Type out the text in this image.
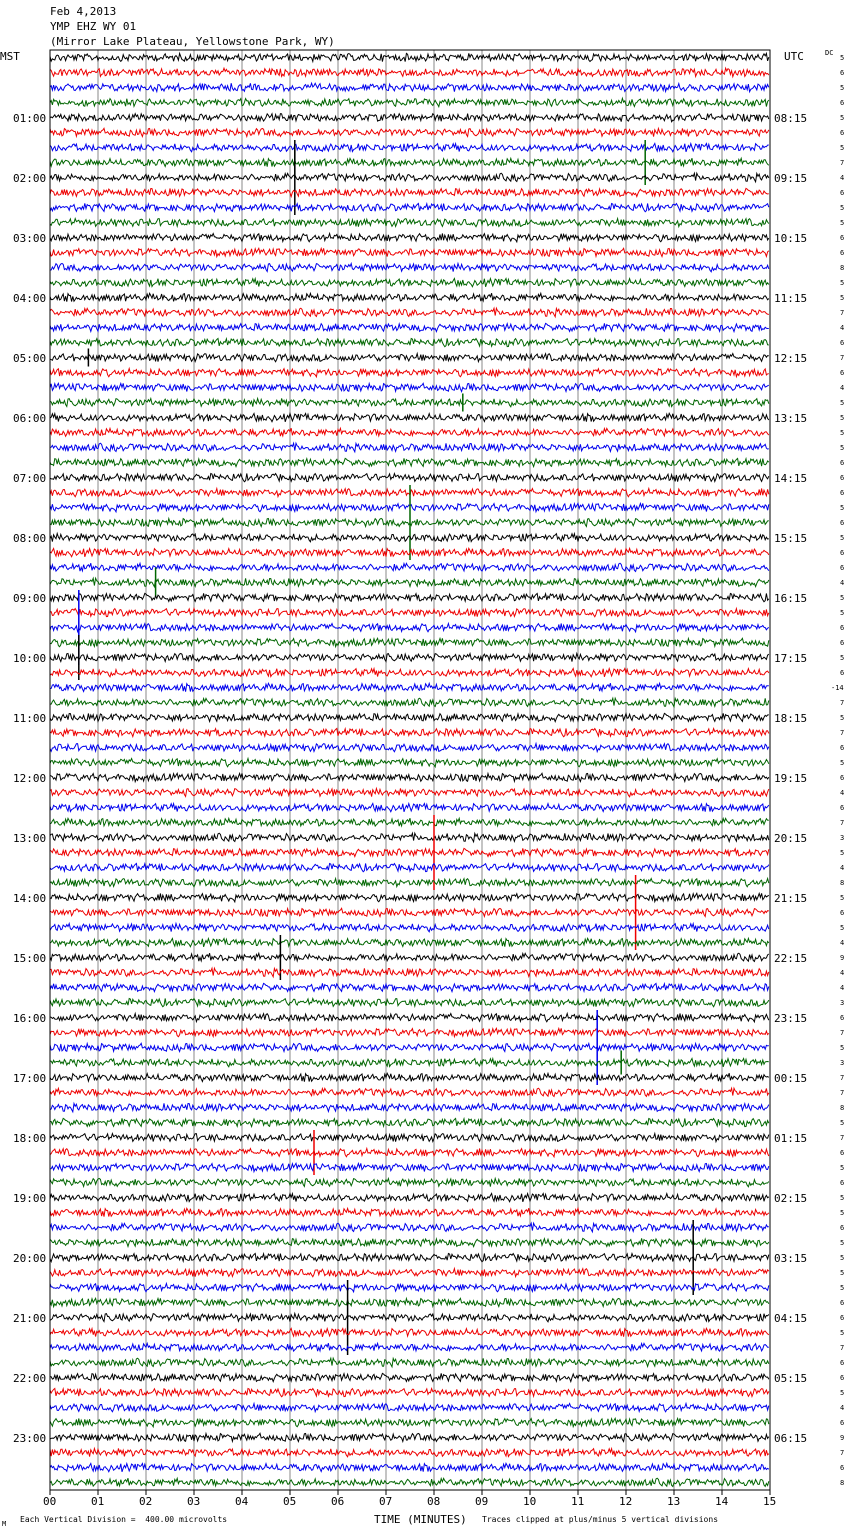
Feb 4,2013
YMP EHZ WY 01
(Mirror Lake Plateau, Yellowstone Park, WY)
MST	UTC	DC
01:00
02:00
03:00
04:00
05:00
06:00
07:00
08:00
09:00
10:00
11:00
12:00
13:00
14:00
15:00
16:00
17:00
18:00
19:00
20:00
21:00
22:00
23:00
08:15
09:15
10:15
11:15
12:15
13:15
14:15
15:15
16:15
17:15
18:15
19:15
20:15
21:15
22:15
23:15
00:15
01:15
02:15
03:15
04:15
05:15
06:15
5
6
5
6
5
6
5
7
4
6
5
5
6
6
8
5
5
7
4
6
7
6
4
5
5
5
5
6
6
6
5
6
5
6
6
4
5
5
6
6
5
6
-14
7
5
7
6
5
6
4
6
7
3
5
4
8
5
6
5
4
9
4
4
3
6
7
5
3
7
7
8
5
7
6
5
6
5
5
6
5
5
5
5
6
6
5
7
6
6
5
4
6
9
7
6
8
00	01	02	03	04	05	06	07	08	09	10	11	12	13	14	15
M Each Vertical Division =  400.00 microvolts	TIME (MINUTES) Traces clipped at plus/minus 5 vertical divisions
